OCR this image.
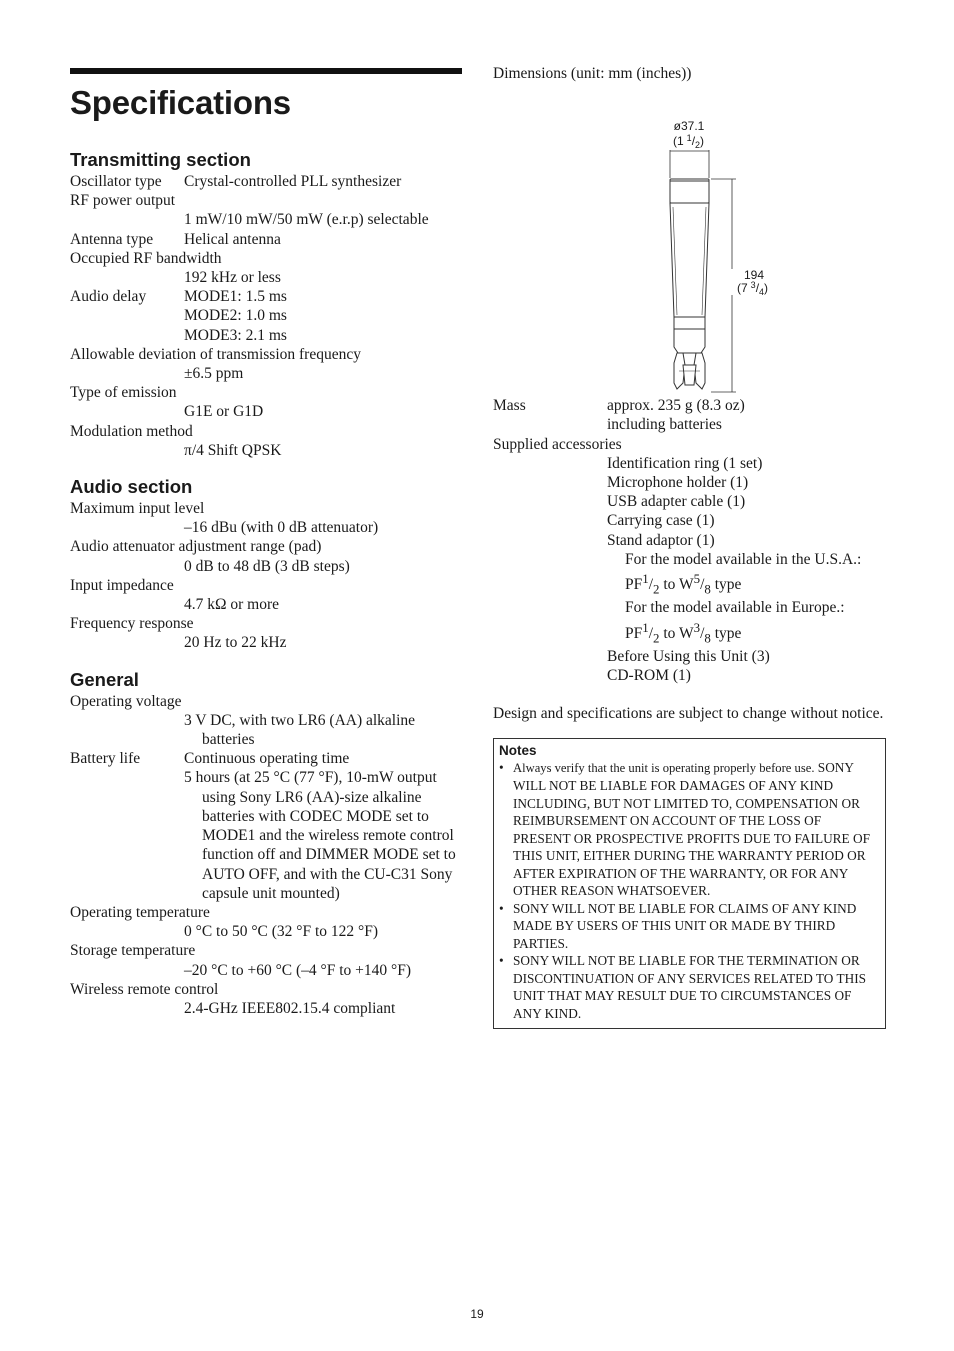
Specifications
Transmitting section
Oscillator type	Crystal-controlled PLL synthesizer
RF power output
1 mW/10 mW/50 mW (e.r.p) selectable
Antenna type	Helical antenna
Occupied RF bandwidth
192 kHz or less
Audio delay	MODE1: 1.5 ms
MODE2: 1.0 ms
MODE3: 2.1 ms
Allowable deviation of transmission frequency
±6.5 ppm
Type of emission
G1E or G1D
Modulation method
π/4 Shift QPSK
Audio section
Maximum input level
–16 dBu (with 0 dB attenuator)
Audio attenuator adjustment range (pad)
0 dB to 48 dB (3 dB steps)
Input impedance
4.7 kΩ or more
Frequency response
20 Hz to 22 kHz
General
Operating voltage
3 V DC, with two LR6 (AA) alkaline batteries
Battery life	Continuous operating time
5 hours (at 25 °C (77 °F), 10-mW output using Sony LR6 (AA)-size alkaline batteries with CODEC MODE set to MODE1 and the wireless remote control function off and DIMMER MODE set to AUTO OFF, and with the CU-C31 Sony capsule unit mounted)
Operating temperature
0 °C to 50 °C (32 °F to 122 °F)
Storage temperature
–20 °C to +60 °C (–4 °F to +140 °F)
Wireless remote control
2.4-GHz IEEE802.15.4 compliant
Dimensions (unit: mm (inches))
ø37.1
(1 $^1/_2$)
194
(7 $^3/_4$)
Mass	approx. 235 g (8.3 oz)
including batteries
Supplied accessories
Identification ring (1 set)
Microphone holder (1)
USB adapter cable (1)
Carrying case (1)
Stand adaptor (1)
For the model available in the U.S.A.:
$PF^1/_2$ to $W^5/_8$ type
For the model available in Europe.:
$PF^1/_2$ to $W^3/_8$ type
Before Using this Unit (3)
CD-ROM (1)
Design and specifications are subject to change without notice.
Notes
• Always verify that the unit is operating properly before use. SONY WILL NOT BE LIABLE FOR DAMAGES OF ANY KIND INCLUDING, BUT NOT LIMITED TO, COMPENSATION OR REIMBURSEMENT ON ACCOUNT OF THE LOSS OF PRESENT OR PROSPECTIVE PROFITS DUE TO FAILURE OF THIS UNIT, EITHER DURING THE WARRANTY PERIOD OR AFTER EXPIRATION OF THE WARRANTY, OR FOR ANY OTHER REASON WHATSOEVER.
• SONY WILL NOT BE LIABLE FOR CLAIMS OF ANY KIND MADE BY USERS OF THIS UNIT OR MADE BY THIRD PARTIES.
• SONY WILL NOT BE LIABLE FOR THE TERMINATION OR DISCONTINUATION OF ANY SERVICES RELATED TO THIS UNIT THAT MAY RESULT DUE TO CIRCUMSTANCES OF ANY KIND.
19
